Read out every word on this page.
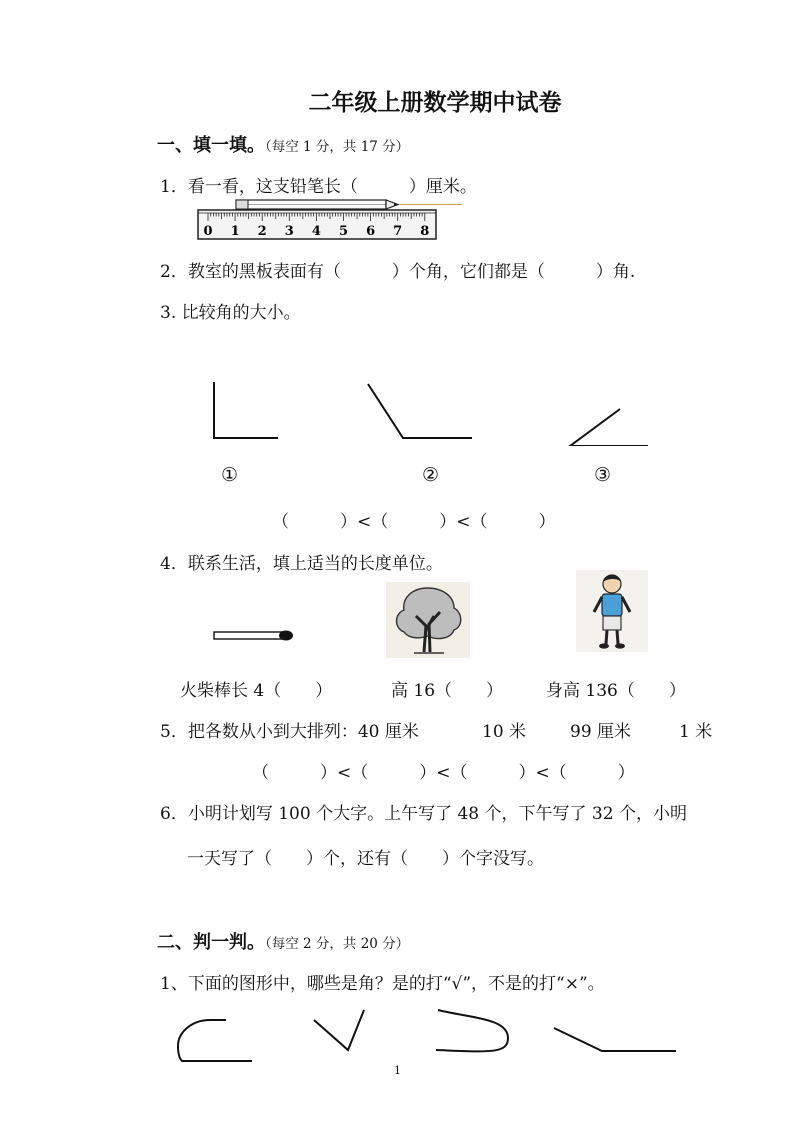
二年级上册数学期中试卷
一、填一填。（每空 1 分，共 17 分）
1．看一看，这支铅笔长（　　　）厘米。
0 1 2 3 4 5 6 7 8
2．教室的黑板表面有（　　　）个角，它们都是（　　　）角.
3. 比较角的大小。
①	②	③
（　　　）<（　　　）<（　　　）
4．联系生活，填上适当的长度单位。
火柴棒长 4（　　）	高 16（　　）	身高 136（　　）
5．把各数从小到大排列：40 厘米	10 米	99 厘米	1 米
（　　　）<（　　　）<（　　　）<（　　　）
6．小明计划写 100 个大字。上午写了 48 个，下午写了 32 个，小明
一天写了（　　）个，还有（　　）个字没写。
二、判一判。（每空 2 分，共 20 分）
1、下面的图形中，哪些是角？是的打“√”，不是的打“×”。
1
